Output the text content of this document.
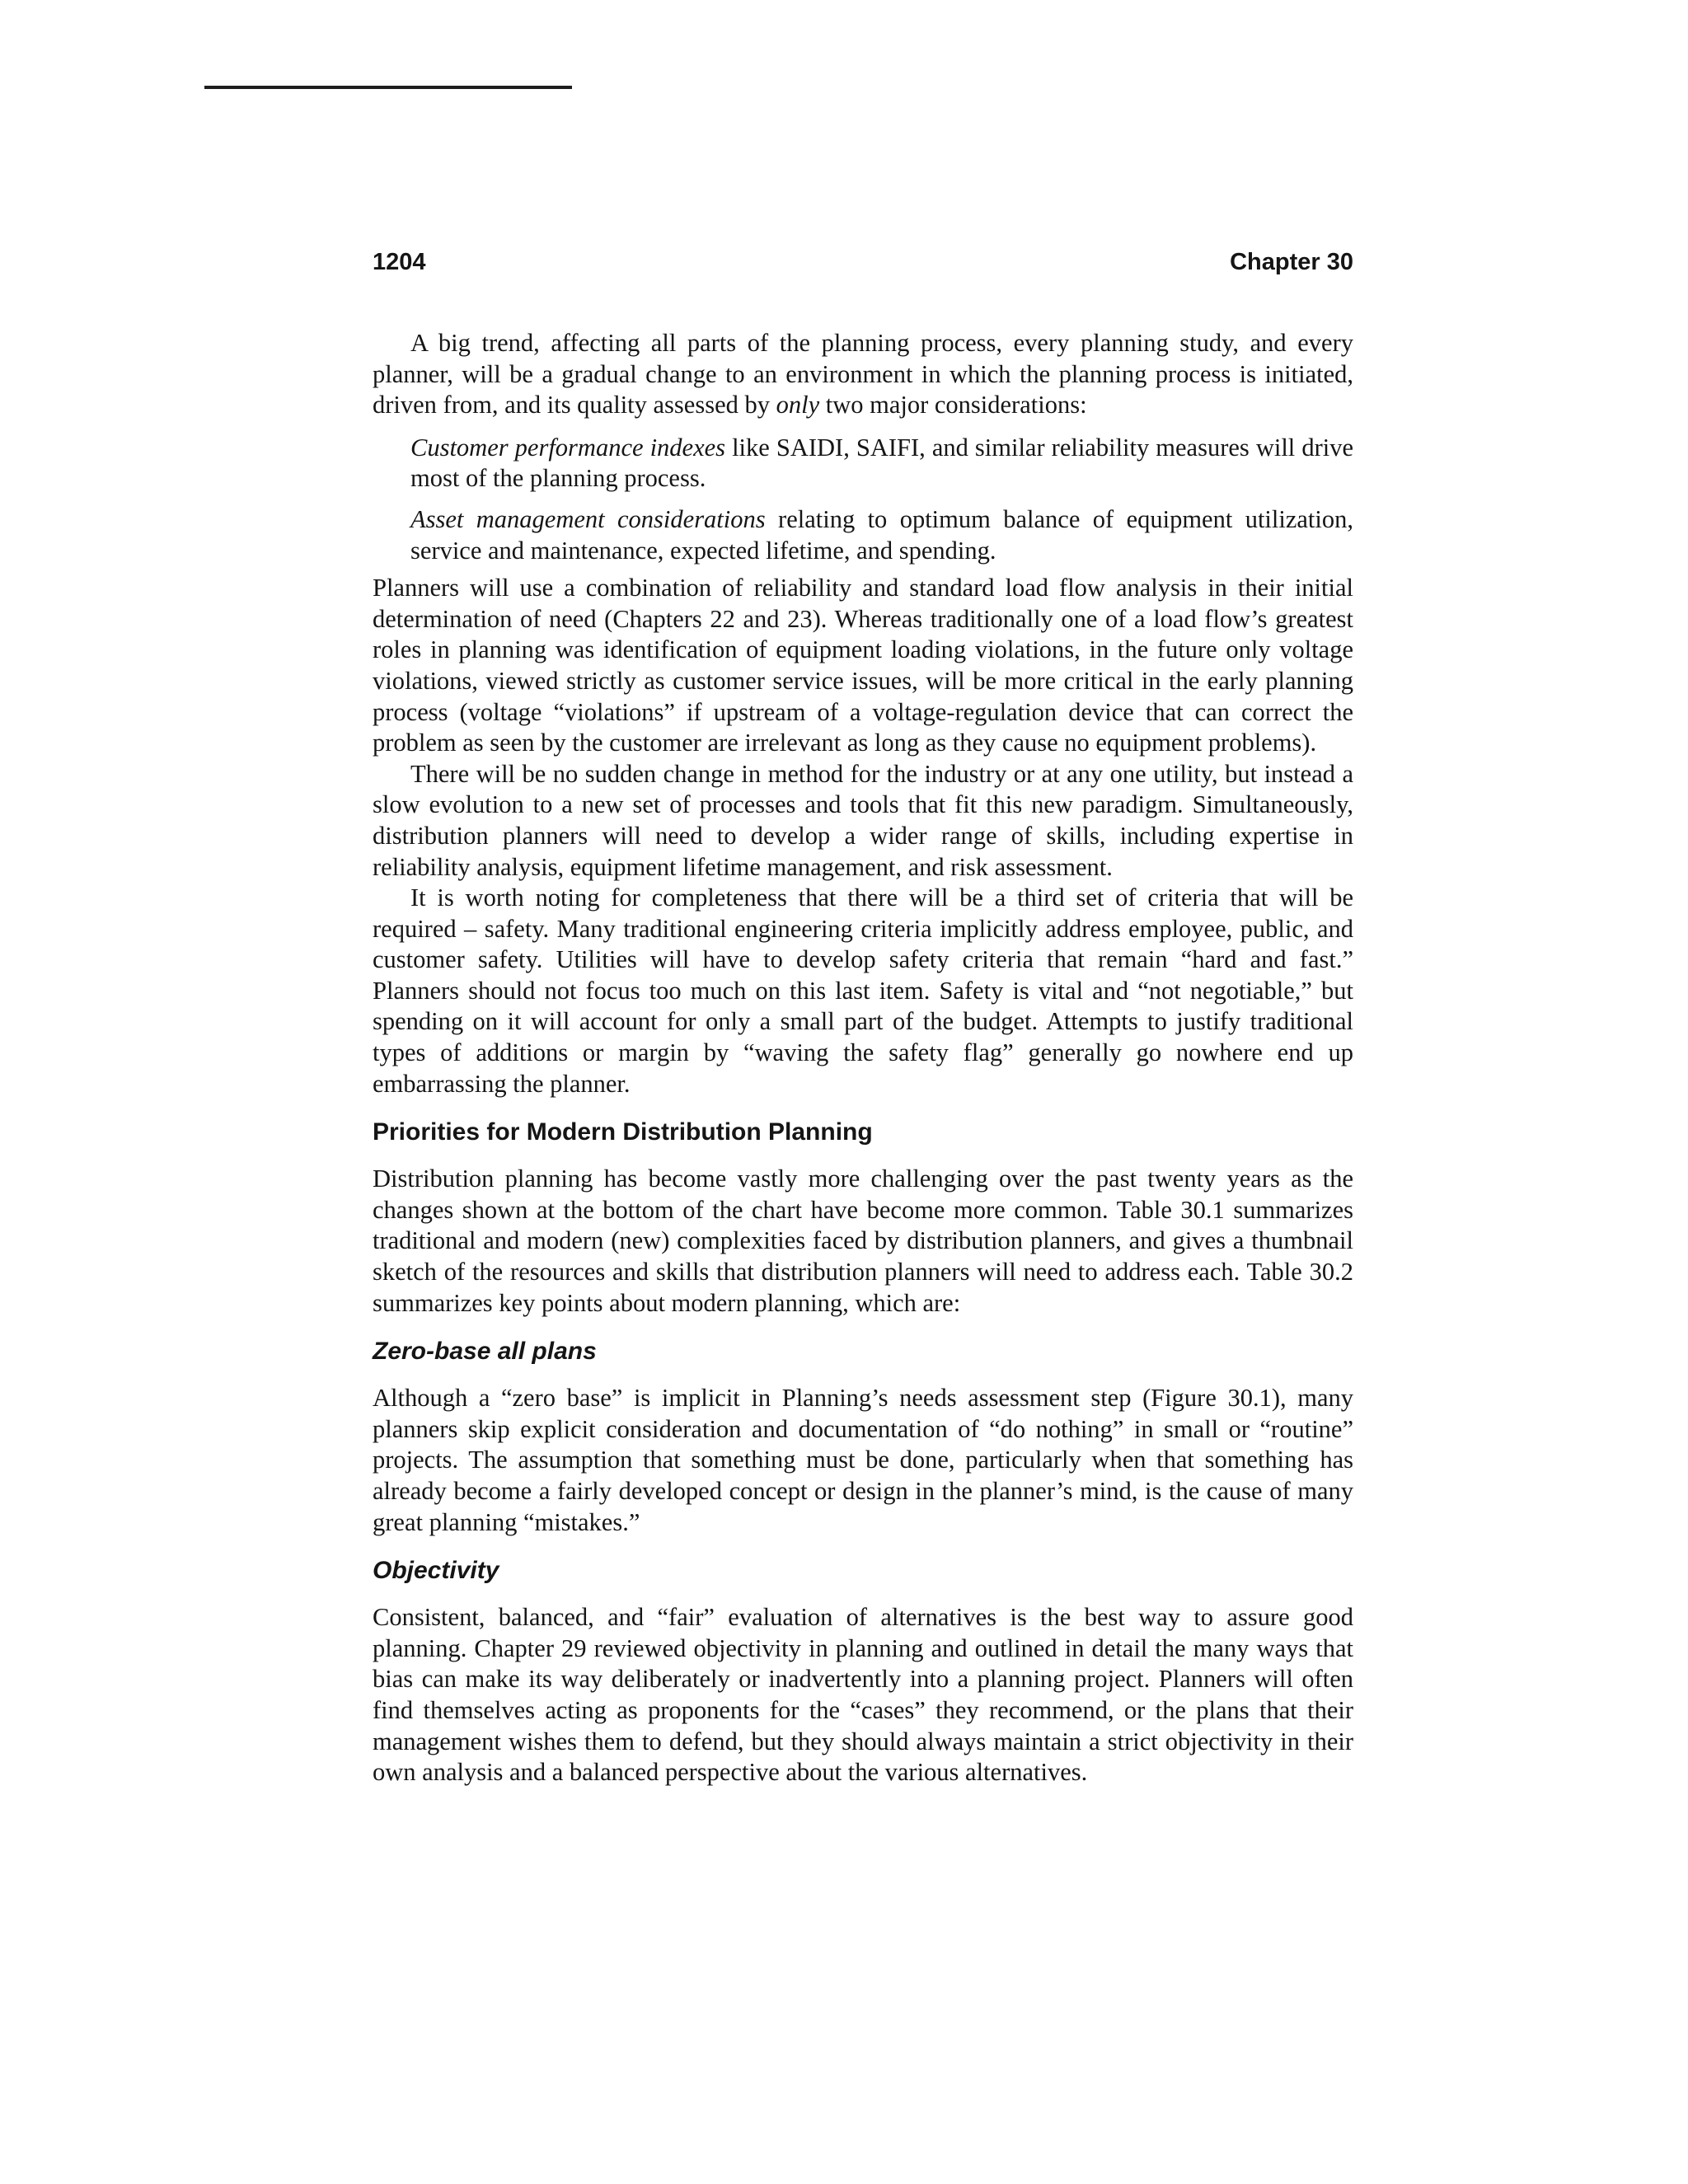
1204	Chapter 30

A big trend, affecting all parts of the planning process, every planning study, and every planner, will be a gradual change to an environment in which the planning process is initiated, driven from, and its quality assessed by only two major considerations:

Customer performance indexes like SAIDI, SAIFI, and similar reliability measures will drive most of the planning process.

Asset management considerations relating to optimum balance of equipment utilization, service and maintenance, expected lifetime, and spending.

Planners will use a combination of reliability and standard load flow analysis in their initial determination of need (Chapters 22 and 23). Whereas traditionally one of a load flow’s greatest roles in planning was identification of equipment loading violations, in the future only voltage violations, viewed strictly as customer service issues, will be more critical in the early planning process (voltage “violations” if upstream of a voltage-regulation device that can correct the problem as seen by the customer are irrelevant as long as they cause no equipment problems).

There will be no sudden change in method for the industry or at any one utility, but instead a slow evolution to a new set of processes and tools that fit this new paradigm. Simultaneously, distribution planners will need to develop a wider range of skills, including expertise in reliability analysis, equipment lifetime management, and risk assessment.

It is worth noting for completeness that there will be a third set of criteria that will be required – safety. Many traditional engineering criteria implicitly address employee, public, and customer safety. Utilities will have to develop safety criteria that remain “hard and fast.” Planners should not focus too much on this last item. Safety is vital and “not negotiable,” but spending on it will account for only a small part of the budget. Attempts to justify traditional types of additions or margin by “waving the safety flag” generally go nowhere end up embarrassing the planner.

Priorities for Modern Distribution Planning

Distribution planning has become vastly more challenging over the past twenty years as the changes shown at the bottom of the chart have become more common. Table 30.1 summarizes traditional and modern (new) complexities faced by distribution planners, and gives a thumbnail sketch of the resources and skills that distribution planners will need to address each. Table 30.2 summarizes key points about modern planning, which are:

Zero-base all plans

Although a “zero base” is implicit in Planning’s needs assessment step (Figure 30.1), many planners skip explicit consideration and documentation of “do nothing” in small or “routine” projects. The assumption that something must be done, particularly when that something has already become a fairly developed concept or design in the planner’s mind, is the cause of many great planning “mistakes.”

Objectivity

Consistent, balanced, and “fair” evaluation of alternatives is the best way to assure good planning. Chapter 29 reviewed objectivity in planning and outlined in detail the many ways that bias can make its way deliberately or inadvertently into a planning project. Planners will often find themselves acting as proponents for the “cases” they recommend, or the plans that their management wishes them to defend, but they should always maintain a strict objectivity in their own analysis and a balanced perspective about the various alternatives.
